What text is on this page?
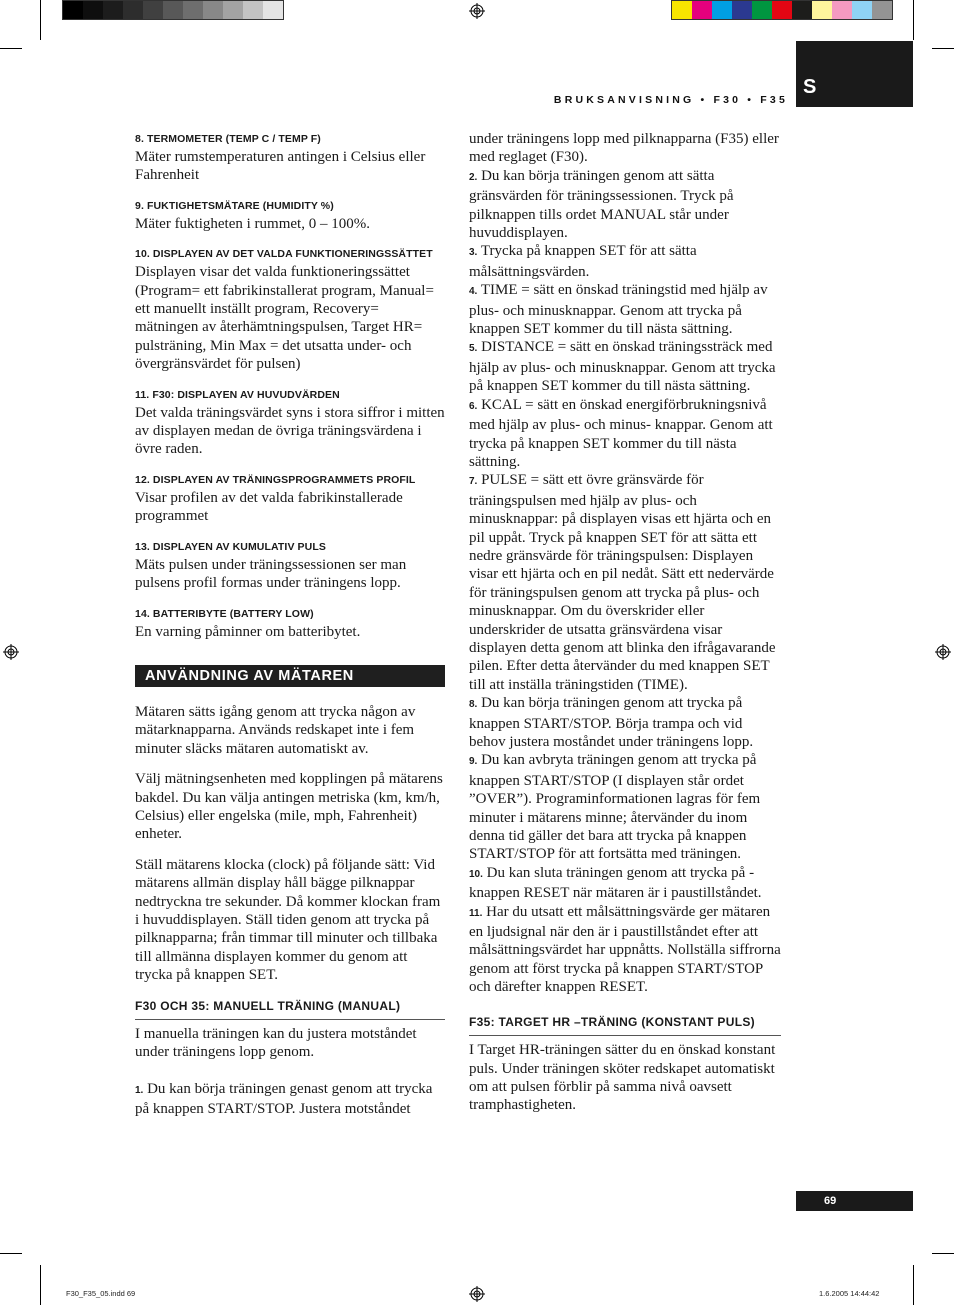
BRUKSANVISNING • F30 • F35
S
8. TERMOMETER (TEMP C / TEMP F)

Mäter rumstemperaturen antingen i Celsius eller Fahrenheit

9. FUKTIGHETSMÄTARE (HUMIDITY %)

Mäter fuktigheten i rummet, 0 – 100%.

10. DISPLAYEN AV DET VALDA FUNKTIONERINGSSÄTTET

Displayen visar det valda funktioneringssättet (Program= ett fabrikinstallerat program, Manual= ett manuellt inställt program, Recovery= mätningen av återhämtningspulsen, Target HR= pulsträning, Min Max = det utsatta under- och övergränsvärdet för pulsen)

11. F30: DISPLAYEN AV HUVUDVÄRDEN

Det valda träningsvärdet syns i stora siffror i mitten av displayen medan de övriga träningsvärdena i övre raden.

12. DISPLAYEN AV TRÄNINGSPROGRAMMETS PROFIL

Visar profilen av det valda fabrikinstallerade programmet

13. DISPLAYEN AV KUMULATIV PULS

Mäts pulsen under träningssessionen ser man pulsens profil formas under träningens lopp.

14. BATTERIBYTE (BATTERY LOW)

En varning påminner om batteribytet.

ANVÄNDNING AV MÄTAREN

Mätaren sätts igång genom att trycka någon av mätarknapparna. Används redskapet inte i fem minuter släcks mätaren automatiskt av.

Välj mätningsenheten med kopplingen på mätarens bakdel. Du kan välja antingen metriska (km, km/h, Celsius) eller engelska (mile, mph, Fahrenheit) enheter.

Ställ mätarens klocka (clock) på följande sätt: Vid mätarens allmän display håll bägge pilknappar nedtryckna tre sekunder. Då kommer klockan fram i huvuddisplayen. Ställ tiden genom att trycka på pilknapparna; från timmar till minuter och tillbaka till allmänna displayen kommer du genom att trycka på knappen SET.

F30 OCH 35: MANUELL TRÄNING (MANUAL)

I manuella träningen kan du justera motståndet under träningens lopp genom.

1. Du kan börja träningen genast genom att trycka på knappen START/STOP. Justera motståndet

under träningens lopp med pilknapparna (F35) eller med reglaget (F30).

2. Du kan börja träningen genom att sätta gränsvärden för träningssessionen. Tryck på pilknappen tills ordet MANUAL står under huvuddisplayen.

3. Trycka på knappen SET för att sätta målsättningsvärden.

4. TIME = sätt en önskad träningstid med hjälp av plus- och minusknappar. Genom att trycka på knappen SET kommer du till nästa sättning.

5. DISTANCE = sätt en önskad träningssträck med hjälp av plus- och minusknappar. Genom att trycka på knappen SET kommer du till nästa sättning.

6. KCAL = sätt en önskad energiförbrukningsnivå med hjälp av plus- och minus- knappar. Genom att trycka på knappen SET kommer du till nästa sättning.

7. PULSE = sätt ett övre gränsvärde för träningspulsen med hjälp av plus- och minusknappar: på displayen visas ett hjärta och en pil uppåt. Tryck på knappen SET för att sätta ett nedre gränsvärde för träningspulsen: Displayen visar ett hjärta och en pil nedåt. Sätt ett nedervärde för träningspulsen genom att trycka på plus- och minusknappar. Om du överskrider eller underskrider de utsatta gränsvärdena visar displayen detta genom att blinka den ifrågavarande pilen. Efter detta återvänder du med knappen SET till att inställa träningstiden (TIME).

8. Du kan börja träningen genom att trycka på knappen START/STOP. Börja trampa och vid behov justera moståndet under träningens lopp.

9. Du kan avbryta träningen genom att trycka på knappen START/STOP (I displayen står ordet ”OVER”). Programinformationen lagras för fem minuter i mätarens minne; återvänder du inom denna tid gäller det bara att trycka på knappen START/STOP för att fortsätta med träningen.

10. Du kan sluta träningen genom att trycka på - knappen RESET när mätaren är i paustillståndet.

11. Har du utsatt ett målsättningsvärde ger mätaren en ljudsignal när den är i paustillståndet efter att målsättningsvärdet har uppnåtts. Nollställa siffrorna genom att först trycka på knappen START/STOP och därefter knappen RESET.

F35: TARGET HR –TRÄNING (KONSTANT PULS)

I Target HR-träningen sätter du en önskad konstant puls. Under träningen sköter redskapet automatiskt om att pulsen förblir på samma nivå oavsett tramphastigheten.

69
F30_F35_05.indd 69	1.6.2005 14:44:42
